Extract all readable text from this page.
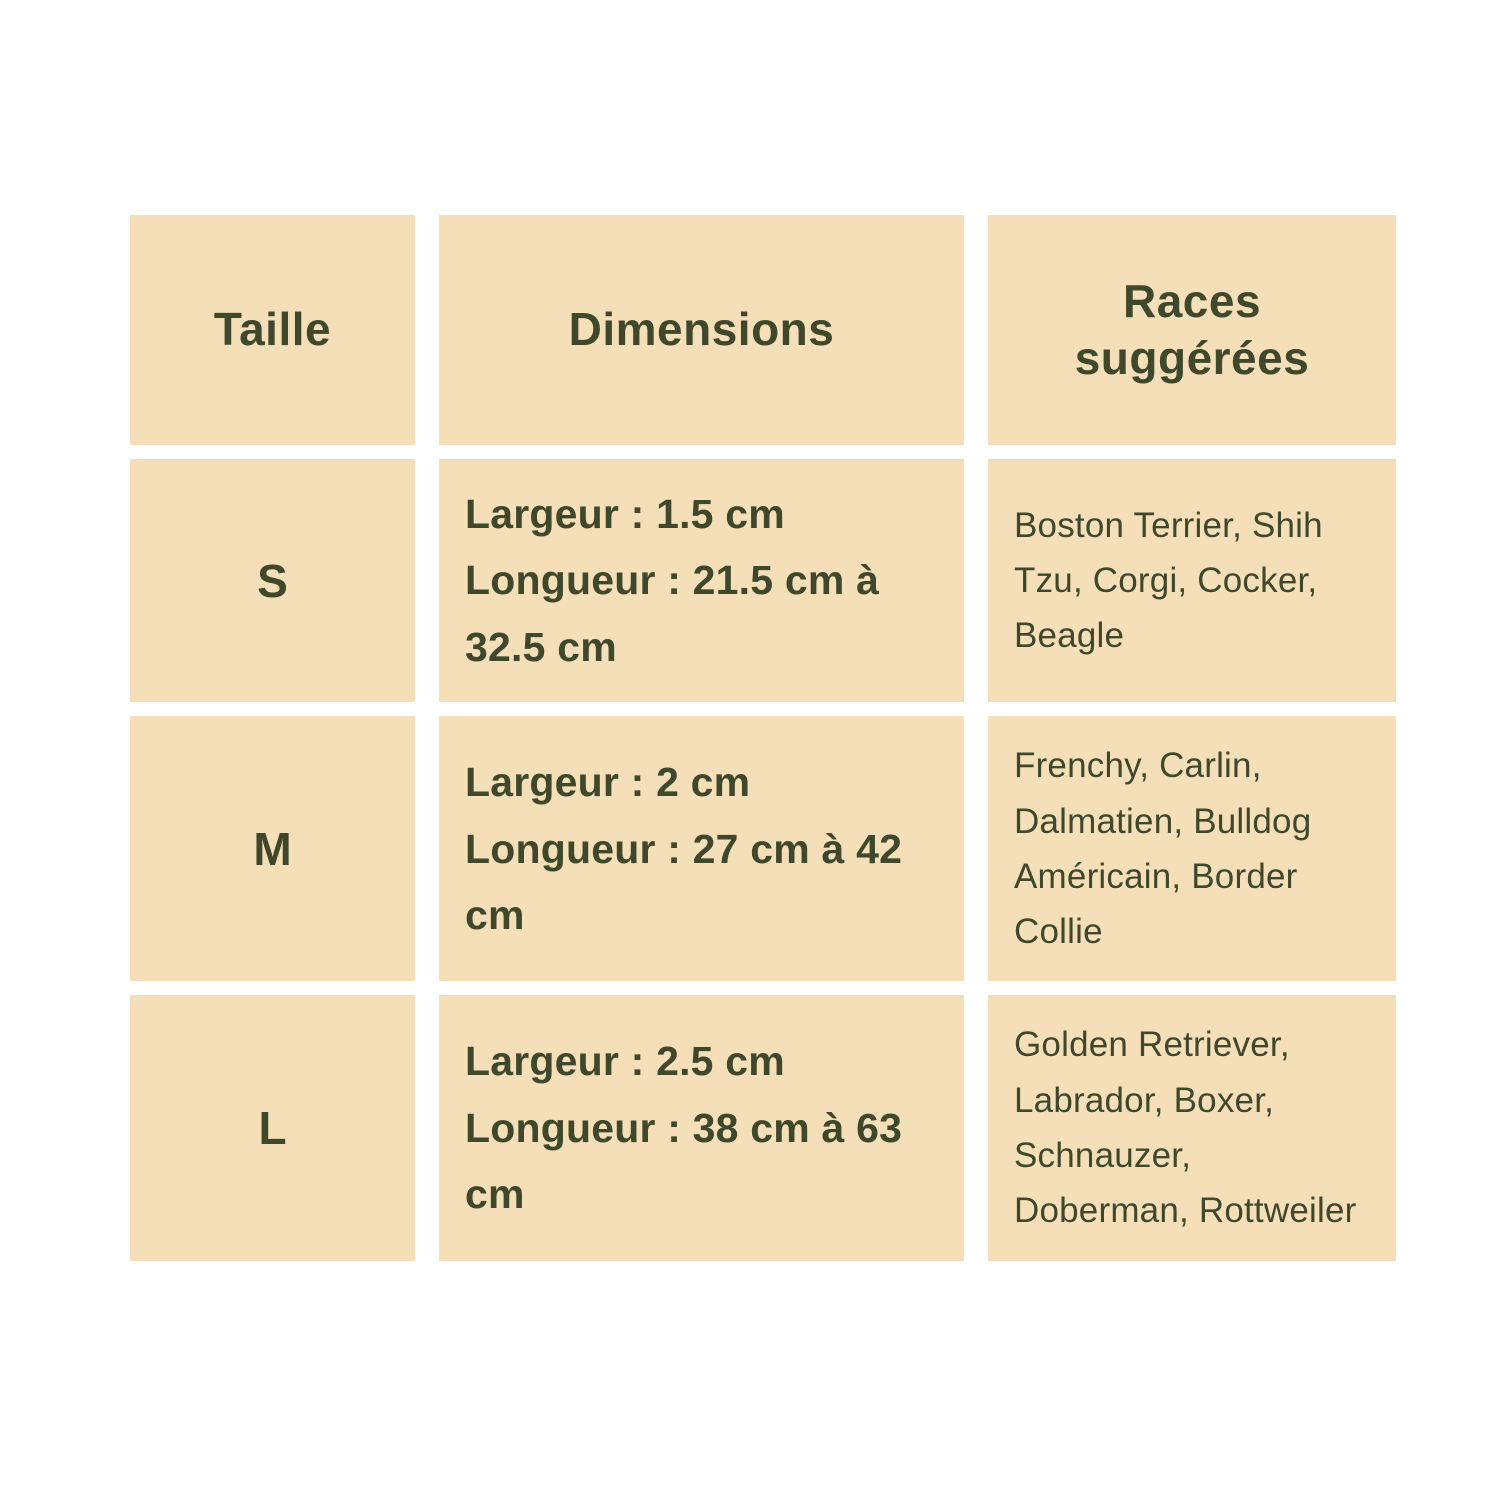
Taille	Dimensions
Races suggérées
S
Largeur : 1.5 cm
Longueur : 21.5 cm à 32.5 cm
Boston Terrier, Shih Tzu, Corgi, Cocker, Beagle
M
Largeur : 2 cm
Longueur : 27 cm à 42 cm
Frenchy, Carlin, Dalmatien, Bulldog Américain, Border Collie
L
Largeur : 2.5 cm
Longueur : 38 cm à 63 cm
Golden Retriever, Labrador, Boxer, Schnauzer, Doberman, Rottweiler
